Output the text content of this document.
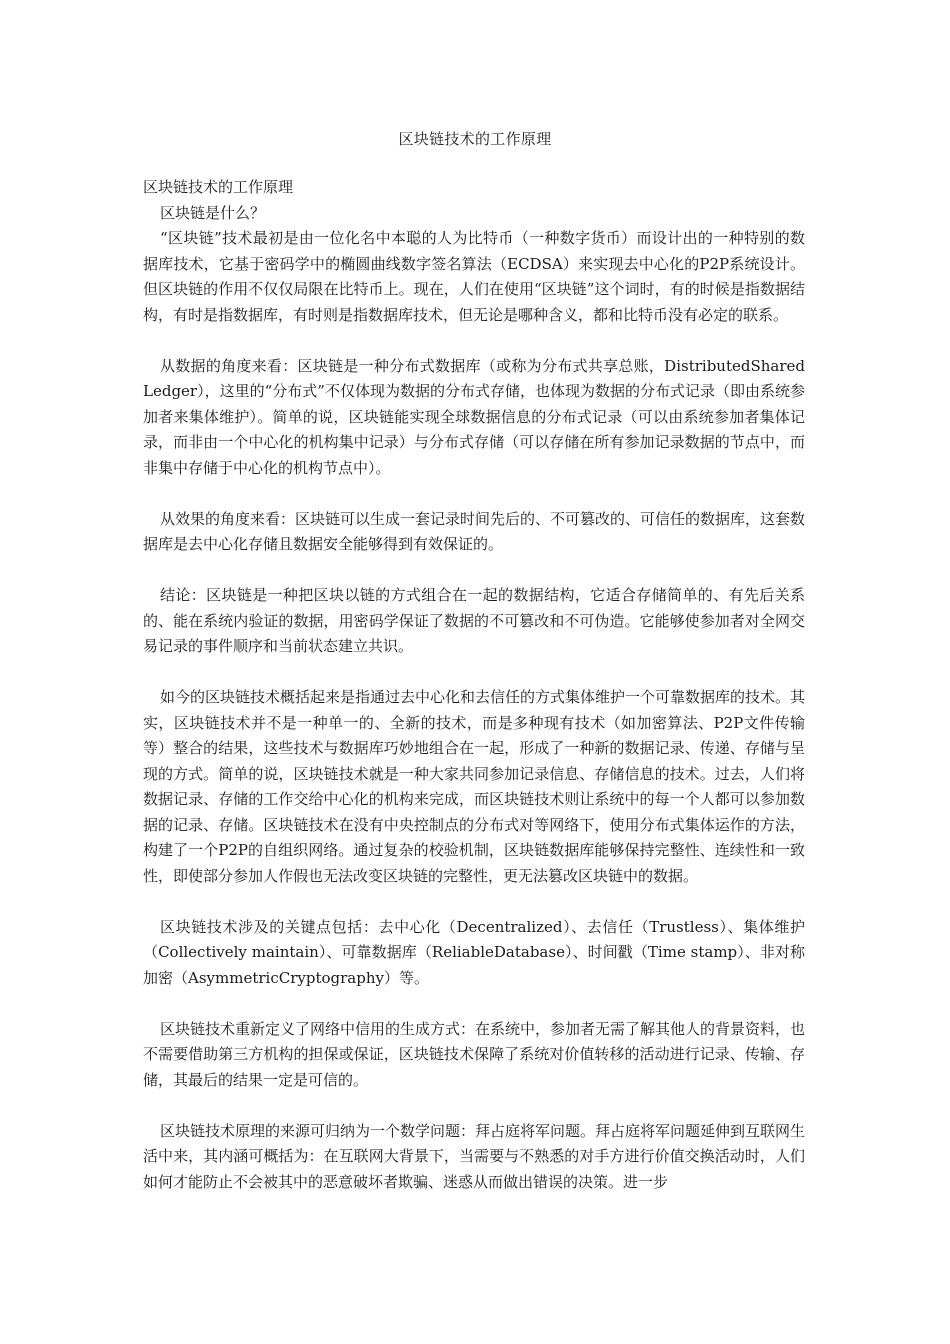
区块链技术的工作原理

区块链技术的工作原理

区块链是什么？

“区块链”技术最初是由一位化名中本聪的人为比特币（一种数字货币）而设计出的一种特别的数据库技术，它基于密码学中的椭圆曲线数字签名算法（ECDSA）来实现去中心化的P2P系统设计。但区块链的作用不仅仅局限在比特币上。现在，人们在使用“区块链”这个词时，有的时候是指数据结构，有时是指数据库，有时则是指数据库技术，但无论是哪种含义，都和比特币没有必定的联系。

从数据的角度来看：区块链是一种分布式数据库（或称为分布式共享总账，DistributedShared Ledger），这里的“分布式”不仅体现为数据的分布式存储，也体现为数据的分布式记录（即由系统参加者来集体维护）。简单的说，区块链能实现全球数据信息的分布式记录（可以由系统参加者集体记录，而非由一个中心化的机构集中记录）与分布式存储（可以存储在所有参加记录数据的节点中，而非集中存储于中心化的机构节点中）。

从效果的角度来看：区块链可以生成一套记录时间先后的、不可篡改的、可信任的数据库，这套数据库是去中心化存储且数据安全能够得到有效保证的。

结论：区块链是一种把区块以链的方式组合在一起的数据结构，它适合存储简单的、有先后关系的、能在系统内验证的数据，用密码学保证了数据的不可篡改和不可伪造。它能够使参加者对全网交易记录的事件顺序和当前状态建立共识。

如今的区块链技术概括起来是指通过去中心化和去信任的方式集体维护一个可靠数据库的技术。其实，区块链技术并不是一种单一的、全新的技术，而是多种现有技术（如加密算法、P2P文件传输等）整合的结果，这些技术与数据库巧妙地组合在一起，形成了一种新的数据记录、传递、存储与呈现的方式。简单的说，区块链技术就是一种大家共同参加记录信息、存储信息的技术。过去，人们将数据记录、存储的工作交给中心化的机构来完成，而区块链技术则让系统中的每一个人都可以参加数据的记录、存储。区块链技术在没有中央控制点的分布式对等网络下，使用分布式集体运作的方法，构建了一个P2P的自组织网络。通过复杂的校验机制，区块链数据库能够保持完整性、连续性和一致性，即使部分参加人作假也无法改变区块链的完整性，更无法篡改区块链中的数据。

区块链技术涉及的关键点包括：去中心化（Decentralized）、去信任（Trustless）、集体维护（Collectively maintain）、可靠数据库（ReliableDatabase）、时间戳（Time stamp）、非对称加密（AsymmetricCryptography）等。

区块链技术重新定义了网络中信用的生成方式：在系统中，参加者无需了解其他人的背景资料，也不需要借助第三方机构的担保或保证，区块链技术保障了系统对价值转移的活动进行记录、传输、存储，其最后的结果一定是可信的。

区块链技术原理的来源可归纳为一个数学问题：拜占庭将军问题。拜占庭将军问题延伸到互联网生活中来，其内涵可概括为：在互联网大背景下，当需要与不熟悉的对手方进行价值交换活动时，人们如何才能防止不会被其中的恶意破坏者欺骗、迷惑从而做出错误的决策。进一步
